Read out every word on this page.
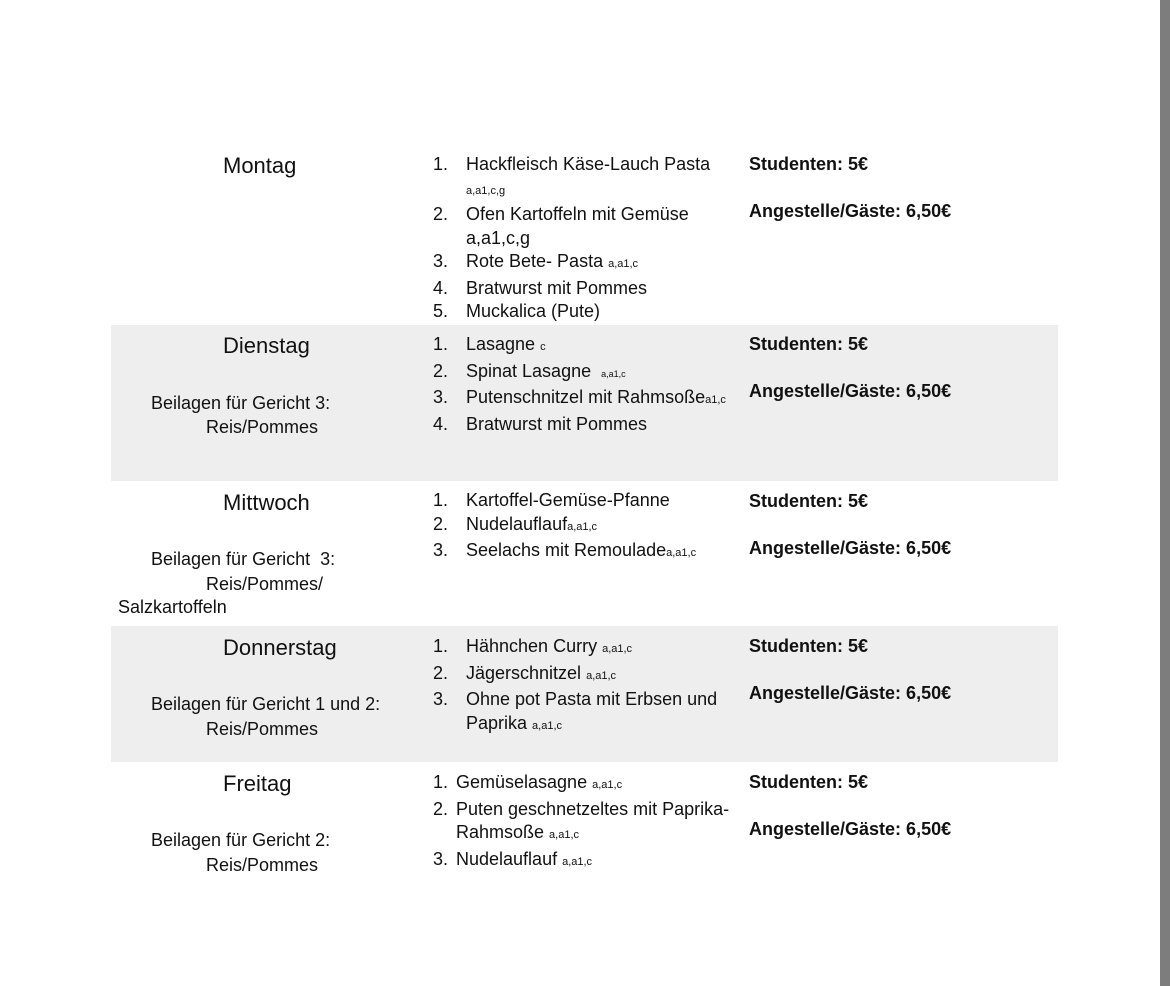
Montag	1. Hackfleisch Käse-Lauch Pasta a,a1,c,g
2. Ofen Kartoffeln mit Gemüse a,a1,c,g
3. Rote Bete- Pasta a,a1,c
4. Bratwurst mit Pommes
5. Muckalica (Pute)
Studenten: 5€
Angestelle/Gäste: 6,50€
Dienstag
Beilagen für Gericht 3:
Reis/Pommes
1. Lasagne c
2. Spinat Lasagne a,a1,c
3. Putenschnitzel mit Rahmsoßea1,c
4. Bratwurst mit Pommes
Studenten: 5€
Angestelle/Gäste: 6,50€
Mittwoch
Beilagen für Gericht  3:
Reis/Pommes/
Salzkartoffeln
1. Kartoffel-Gemüse-Pfanne
2. Nudelauflaufa,a1,c
3. Seelachs mit Remouladea,a1,c
Studenten: 5€
Angestelle/Gäste: 6,50€
Donnerstag
Beilagen für Gericht 1 und 2:
Reis/Pommes
1. Hähnchen Curry a,a1,c
2. Jägerschnitzel a,a1,c
3. Ohne pot Pasta mit Erbsen und Paprika a,a1,c
Studenten: 5€
Angestelle/Gäste: 6,50€
Freitag
Beilagen für Gericht 2:
Reis/Pommes
1. Gemüselasagne a,a1,c
2. Puten geschnetzeltes mit Paprika-Rahmsoße a,a1,c
3. Nudelauflauf a,a1,c
Studenten: 5€
Angestelle/Gäste: 6,50€
